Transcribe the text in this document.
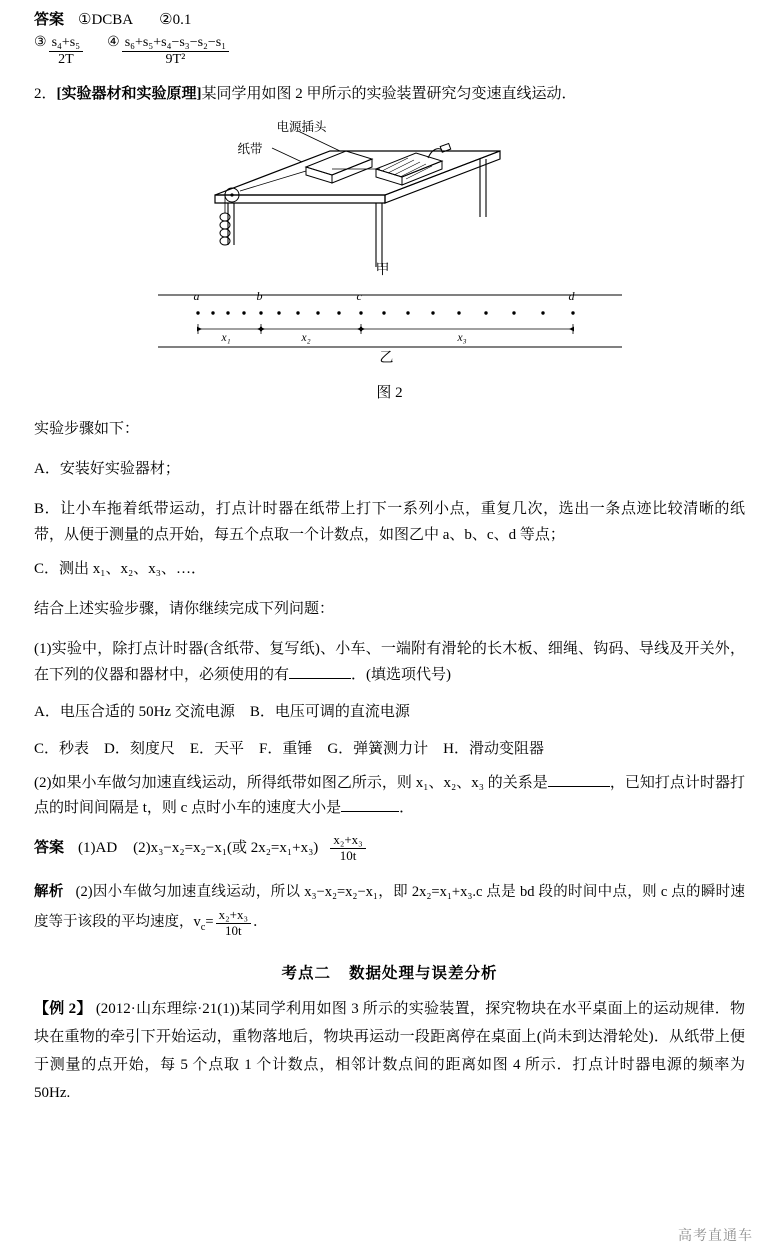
答案 ①DCBA ②0.1
③ $\frac{\text{s₄+s₅}}{2T}$ ④ $\frac{\text{s₆+s₅+s₄−s₃−s₂−s₁}}{\text{9T²}}$
2．[实验器材和实验原理]某同学用如图 2 甲所示的实验装置研究匀变速直线运动．
电源插头
纸带
甲
a	b	c	d
x₁	x₂	x₃
乙
图 2
实验步骤如下：
A．安装好实验器材；
B．让小车拖着纸带运动，打点计时器在纸带上打下一系列小点，重复几次，选出一条点迹比较清晰的纸带，从便于测量的点开始，每五个点取一个计数点，如图乙中 a、b、c、d 等点；
C．测出 x₁、x₂、x₃、…．
结合上述实验步骤，请你继续完成下列问题：
(1)实验中，除打点计时器(含纸带、复写纸)、小车、一端附有滑轮的长木板、细绳、钩码、导线及开关外，在下列的仪器和器材中，必须使用的有	．(填选项代号)
A．电压合适的 50Hz 交流电源　B．电压可调的直流电源
C．秒表　D．刻度尺　E．天平　F．重锤　G．弹簧测力计　H．滑动变阻器
(2)如果小车做匀加速直线运动，所得纸带如图乙所示，则 x₁、x₂、x₃ 的关系是	，已知打点计时器打点的时间间隔是 t，则 c 点时小车的速度大小是	．
答案 (1)AD (2)x₃−x₂=x₂−x₁(或 $2x_2=x_1+x_3) \frac{\text{x₂+x₃}}{10t}$
解析 (2)因小车做匀加速直线运动，所以 x₃−x₂=x₂−x₁，即 2x₂=x₁+x₃.c 点是 bd 段的时间中点，则 c 点的瞬时速度等于该段的平均速度，$v_c= \frac{\text{x₂+x₃}}{10t}$ ．
考点二 数据处理与误差分析
【例 2】 (2012·山东理综·21(1))某同学利用如图 3 所示的实验装置，探究物块在水平桌面上的运动规律．物块在重物的牵引下开始运动，重物落地后，物块再运动一段距离停在桌面上(尚未到达滑轮处)．从纸带上便于测量的点开始，每 5 个点取 1 个计数点，相邻计数点间的距离如图 4 所示．打点计时器电源的频率为 50Hz.
高考直通车
